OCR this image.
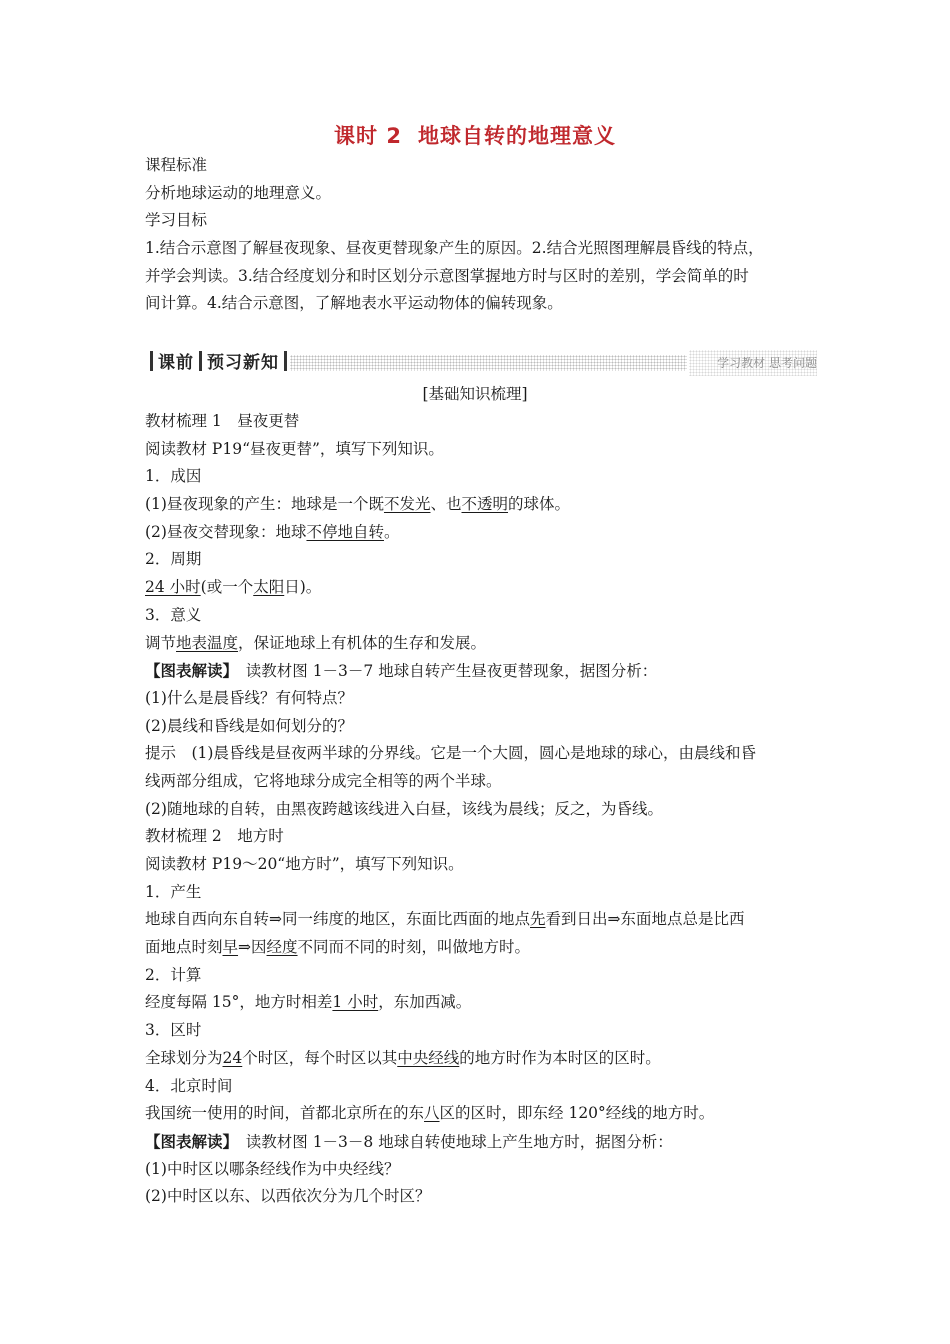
课时 2 地球自转的地理意义
课程标准
分析地球运动的地理意义。
学习目标
1.结合示意图了解昼夜现象、昼夜更替现象产生的原因。2.结合光照图理解晨昏线的特点，
并学会判读。3.结合经度划分和时区划分示意图掌握地方时与区时的差别，学会简单的时
间计算。4.结合示意图，了解地表水平运动物体的偏转现象。
课前 预习新知	学习教材 思考问题
[基础知识梳理]
教材梳理 1　昼夜更替
阅读教材 P19“昼夜更替”，填写下列知识。
1．成因
(1)昼夜现象的产生：地球是一个既不发光、也不透明的球体。
(2)昼夜交替现象：地球不停地自转。
2．周期
24 小时(或一个太阳日)。
3．意义
调节地表温度，保证地球上有机体的生存和发展。
【图表解读】　读教材图 1－3－7 地球自转产生昼夜更替现象，据图分析：
(1)什么是晨昏线？有何特点？
(2)晨线和昏线是如何划分的？
提示　(1)晨昏线是昼夜两半球的分界线。它是一个大圆，圆心是地球的球心，由晨线和昏
线两部分组成，它将地球分成完全相等的两个半球。
(2)随地球的自转，由黑夜跨越该线进入白昼，该线为晨线；反之，为昏线。
教材梳理 2　地方时
阅读教材 P19～20“地方时”，填写下列知识。
1．产生
地球自西向东自转⇒同一纬度的地区，东面比西面的地点先看到日出⇒东面地点总是比西
面地点时刻早⇒因经度不同而不同的时刻，叫做地方时。
2．计算
经度每隔 15°，地方时相差1 小时，东加西减。
3．区时
全球划分为24个时区，每个时区以其中央经线的地方时作为本时区的区时。
4．北京时间
我国统一使用的时间，首都北京所在的东八区的区时，即东经 120°经线的地方时。
【图表解读】　读教材图 1－3－8 地球自转使地球上产生地方时，据图分析：
(1)中时区以哪条经线作为中央经线？
(2)中时区以东、以西依次分为几个时区？
